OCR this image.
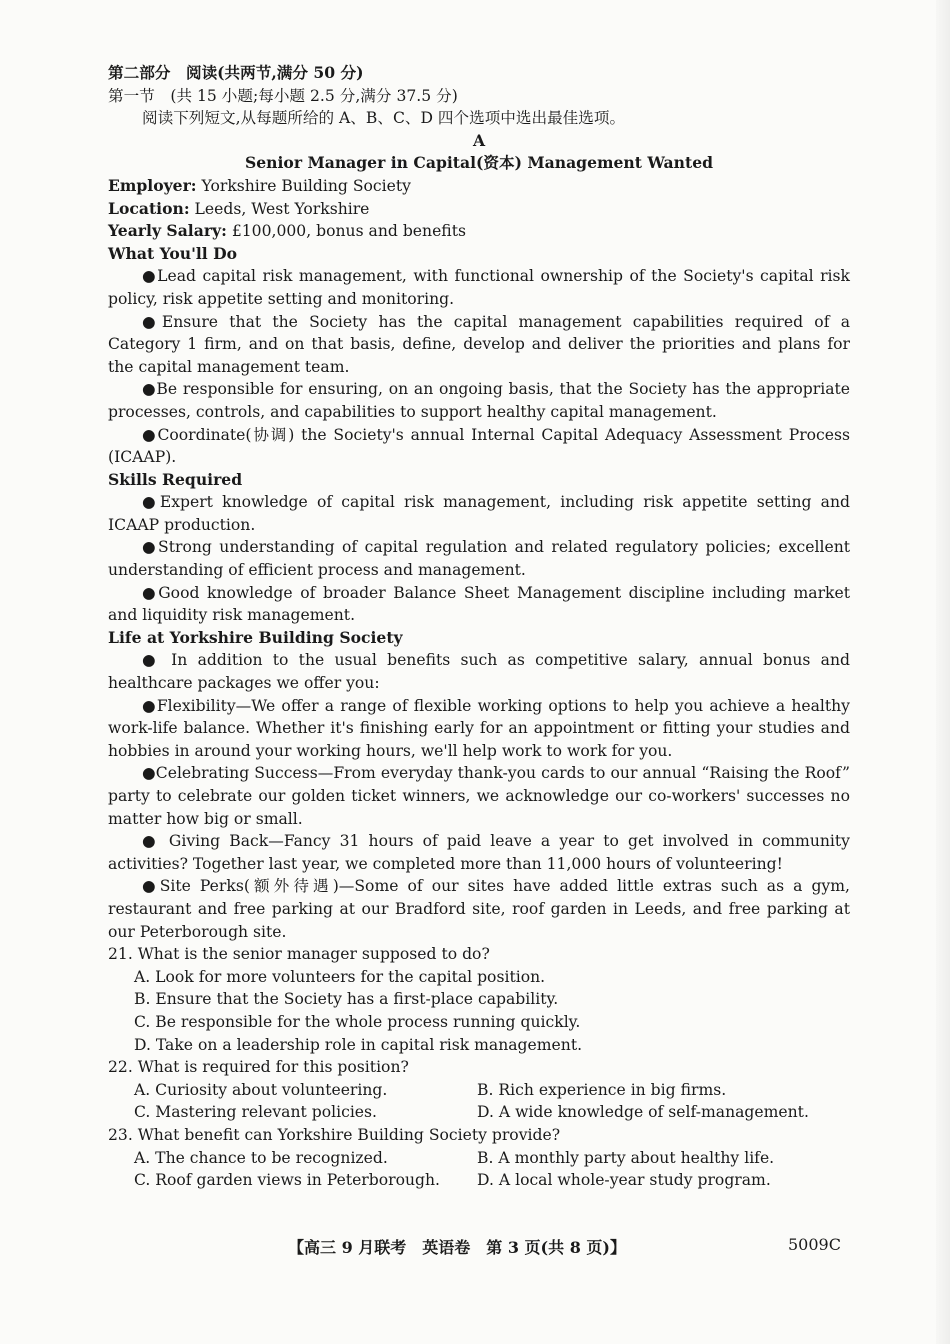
第二部分　阅读(共两节,满分 50 分)
第一节　(共 15 小题;每小题 2.5 分,满分 37.5 分)
阅读下列短文,从每题所给的 A、B、C、D 四个选项中选出最佳选项。
A
Senior Manager in Capital(资本) Management Wanted
Employer: Yorkshire Building Society
Location: Leeds, West Yorkshire
Yearly Salary: £100,000, bonus and benefits
What You'll Do
●Lead capital risk management, with functional ownership of the Society's capital risk policy, risk appetite setting and monitoring.
●Ensure that the Society has the capital management capabilities required of a Category 1 firm, and on that basis, define, develop and deliver the priorities and plans for the capital management team.
●Be responsible for ensuring, on an ongoing basis, that the Society has the appropriate processes, controls, and capabilities to support healthy capital management.
●Coordinate(协调) the Society's annual Internal Capital Adequacy Assessment Process (ICAAP).
Skills Required
●Expert knowledge of capital risk management, including risk appetite setting and ICAAP production.
●Strong understanding of capital regulation and related regulatory policies; excellent understanding of efficient process and management.
●Good knowledge of broader Balance Sheet Management discipline including market and liquidity risk management.
Life at Yorkshire Building Society
● In addition to the usual benefits such as competitive salary, annual bonus and healthcare packages we offer you:
●Flexibility—We offer a range of flexible working options to help you achieve a healthy work-life balance. Whether it's finishing early for an appointment or fitting your studies and hobbies in around your working hours, we'll help work to work for you.
●Celebrating Success—From everyday thank-you cards to our annual “Raising the Roof” party to celebrate our golden ticket winners, we acknowledge our co-workers' successes no matter how big or small.
● Giving Back—Fancy 31 hours of paid leave a year to get involved in community activities? Together last year, we completed more than 11,000 hours of volunteering!
●Site Perks(额外待遇)—Some of our sites have added little extras such as a gym, restaurant and free parking at our Bradford site, roof garden in Leeds, and free parking at our Peterborough site.
21. What is the senior manager supposed to do?
A. Look for more volunteers for the capital position.
B. Ensure that the Society has a first-place capability.
C. Be responsible for the whole process running quickly.
D. Take on a leadership role in capital risk management.
22. What is required for this position?
A. Curiosity about volunteering.	B. Rich experience in big firms.
C. Mastering relevant policies.	D. A wide knowledge of self-management.
23. What benefit can Yorkshire Building Society provide?
A. The chance to be recognized.	B. A monthly party about healthy life.
C. Roof garden views in Peterborough.	D. A local whole-year study program.
【高三 9 月联考　英语卷　第 3 页(共 8 页)】	5009C
